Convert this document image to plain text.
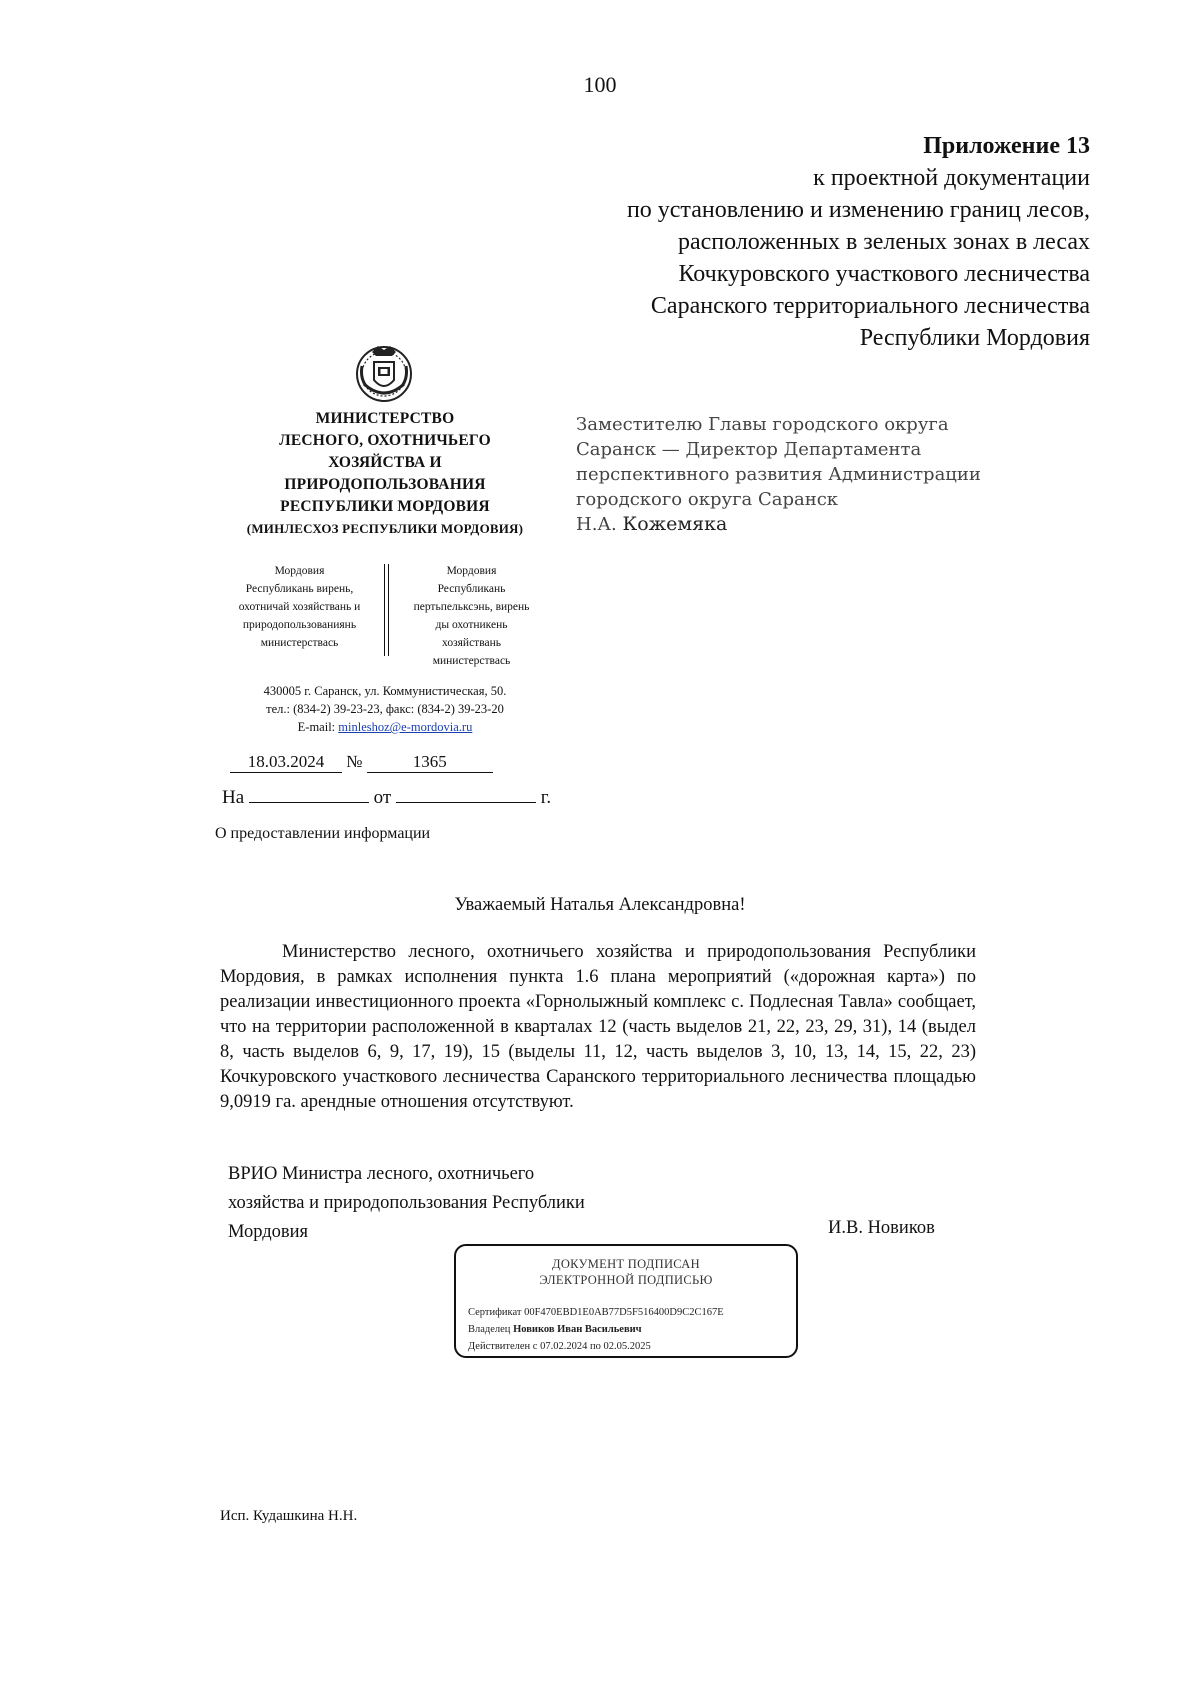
100
Приложение 13
к проектной документации
по установлению и изменению границ лесов,
расположенных в зеленых зонах в лесах
Кочкуровского участкового лесничества
Саранского территориального лесничества
Республики Мордовия
МИНИСТЕРСТВО
ЛЕСНОГО, ОХОТНИЧЬЕГО
ХОЗЯЙСТВА И
ПРИРОДОПОЛЬЗОВАНИЯ
РЕСПУБЛИКИ МОРДОВИЯ
(МИНЛЕСХОЗ РЕСПУБЛИКИ МОРДОВИЯ)
Мордовия
Республикань вирень,
охотничай хозяйствань и
природопользованиянь
министерствась
Мордовия
Республикань
пертьпельксэнь, вирень
ды охотникень
хозяйствань
министерствась
430005 г. Саранск, ул. Коммунистическая, 50.
тел.: (834-2) 39-23-23, факс: (834-2) 39-23-20
E-mail: minleshoz@e-mordovia.ru
18.03.2024 №	1365
На	от	г.
О предоставлении информации
Заместителю Главы городского округа
Саранск — Директор Департамента
перспективного развития Администрации
городского округа Саранск
Н.А. Кожемяка
Уважаемый Наталья Александровна!
Министерство лесного, охотничьего хозяйства и природопользования Республики Мордовия, в рамках исполнения пункта 1.6 плана мероприятий («дорожная карта») по реализации инвестиционного проекта «Горнолыжный комплекс с. Подлесная Тавла» сообщает, что на территории расположенной в кварталах 12 (часть выделов 21, 22, 23, 29, 31), 14 (выдел 8, часть выделов 6, 9, 17, 19), 15 (выделы 11, 12, часть выделов 3, 10, 13, 14, 15, 22, 23) Кочкуровского участкового лесничества Саранского территориального лесничества площадью 9,0919 га. арендные отношения отсутствуют.
ВРИО Министра лесного, охотничьего
хозяйства и природопользования Республики
Мордовия	И.В. Новиков
ДОКУМЕНТ ПОДПИСАН
ЭЛЕКТРОННОЙ ПОДПИСЬЮ
Сертификат 00F470EBD1E0AB77D5F516400D9C2C167E
Владелец Новиков Иван Васильевич
Действителен с 07.02.2024 по 02.05.2025
Исп. Кудашкина Н.Н.
